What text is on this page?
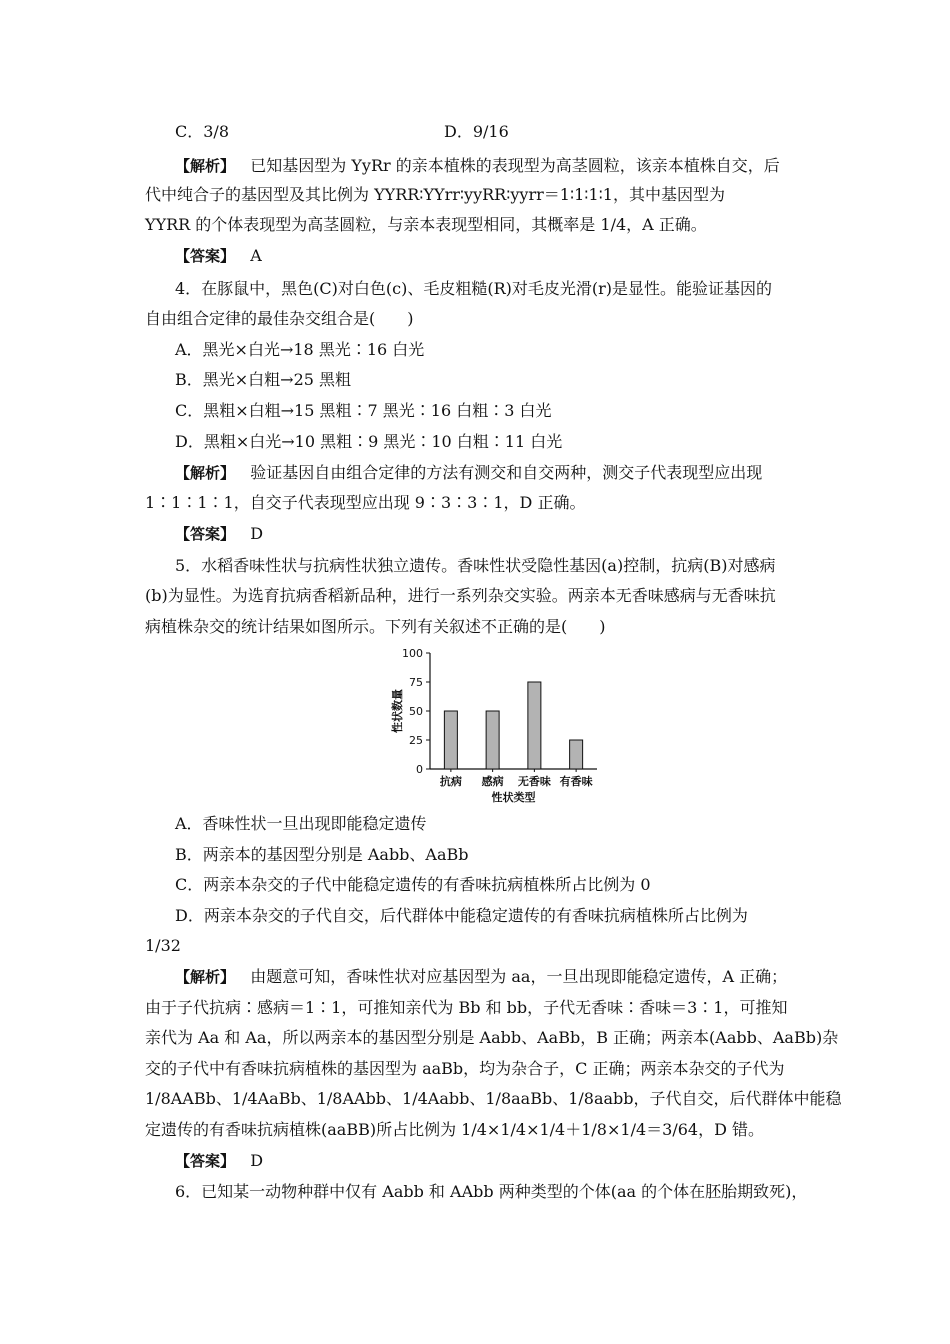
C．3/8	D．9/16
【解析】 已知基因型为 YyRr 的亲本植株的表现型为高茎圆粒，该亲本植株自交，后
代中纯合子的基因型及其比例为 YYRR∶YYrr∶yyRR∶yyrr＝1∶1∶1∶1，其中基因型为
YYRR 的个体表现型为高茎圆粒，与亲本表现型相同，其概率是 1/4，A 正确。
【答案】 A
4．在豚鼠中，黑色(C)对白色(c)、毛皮粗糙(R)对毛皮光滑(r)是显性。能验证基因的
自由组合定律的最佳杂交组合是(　　)
A．黑光×白光→18 黑光∶16 白光
B．黑光×白粗→25 黑粗
C．黑粗×白粗→15 黑粗∶7 黑光∶16 白粗∶3 白光
D．黑粗×白光→10 黑粗∶9 黑光∶10 白粗∶11 白光
【解析】 验证基因自由组合定律的方法有测交和自交两种，测交子代表现型应出现
1∶1∶1∶1，自交子代表现型应出现 9∶3∶3∶1，D 正确。
【答案】 D
5．水稻香味性状与抗病性状独立遗传。香味性状受隐性基因(a)控制，抗病(B)对感病
(b)为显性。为选育抗病香稻新品种，进行一系列杂交实验。两亲本无香味感病与无香味抗
病植株杂交的统计结果如图所示。下列有关叙述不正确的是(　　)
0
25
50
75
100
抗病 感病 无香味 有香味
性状类型
性状数量
A．香味性状一旦出现即能稳定遗传
B．两亲本的基因型分别是 Aabb、AaBb
C．两亲本杂交的子代中能稳定遗传的有香味抗病植株所占比例为 0
D．两亲本杂交的子代自交，后代群体中能稳定遗传的有香味抗病植株所占比例为
1/32
【解析】 由题意可知，香味性状对应基因型为 aa，一旦出现即能稳定遗传，A 正确；
由于子代抗病∶感病＝1∶1，可推知亲代为 Bb 和 bb，子代无香味∶香味＝3∶1，可推知
亲代为 Aa 和 Aa，所以两亲本的基因型分别是 Aabb、AaBb，B 正确；两亲本(Aabb、AaBb)杂
交的子代中有香味抗病植株的基因型为 aaBb，均为杂合子，C 正确；两亲本杂交的子代为
1/8AABb、1/4AaBb、1/8AAbb、1/4Aabb、1/8aaBb、1/8aabb，子代自交，后代群体中能稳
定遗传的有香味抗病植株(aaBB)所占比例为 1/4×1/4×1/4＋1/8×1/4＝3/64，D 错。
【答案】 D
6．已知某一动物种群中仅有 Aabb 和 AAbb 两种类型的个体(aa 的个体在胚胎期致死)，
